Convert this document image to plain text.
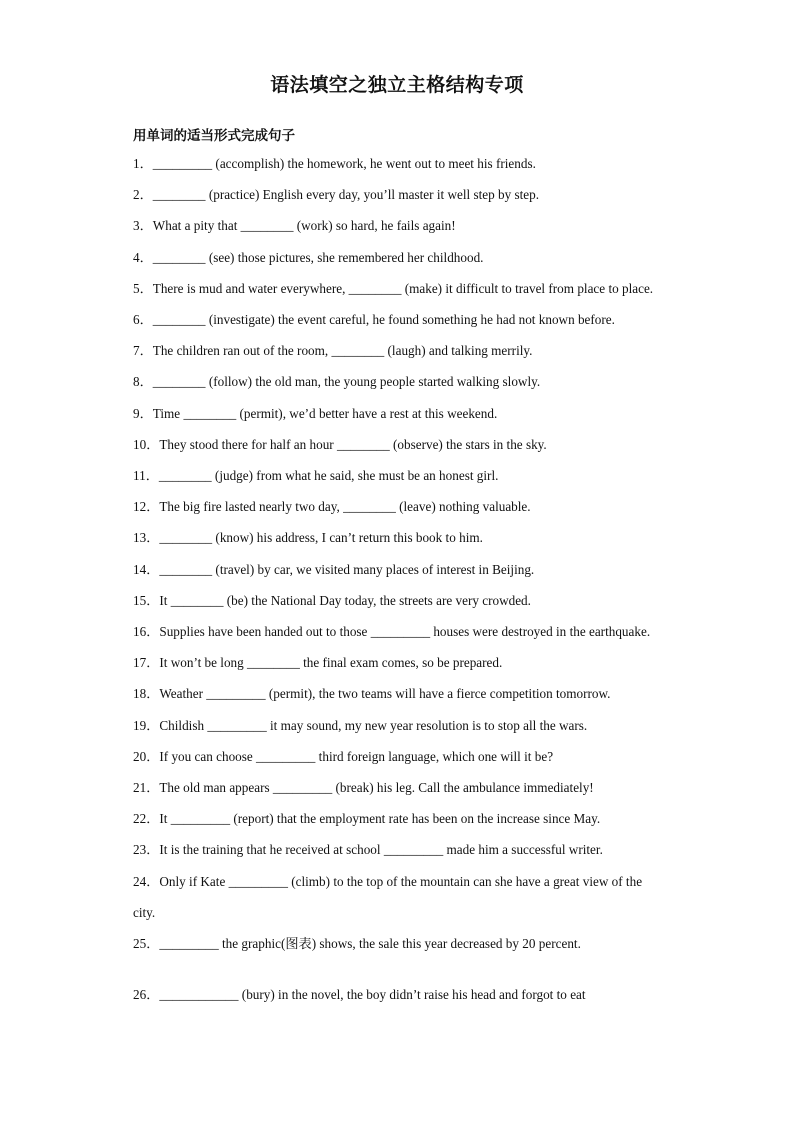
语法填空之独立主格结构专项
用单词的适当形式完成句子

1．_________ (accomplish) the homework, he went out to meet his friends.

2．________ (practice) English every day, you’ll master it well step by step.

3．What a pity that ________ (work) so hard, he fails again!

4．________ (see) those pictures, she remembered her childhood.

5．There is mud and water everywhere, ________ (make) it difficult to travel from place to place.

6．________ (investigate) the event careful, he found something he had not known before.

7．The children ran out of the room, ________ (laugh) and talking merrily.

8．________ (follow) the old man, the young people started walking slowly.

9．Time ________ (permit), we’d better have a rest at this weekend.

10．They stood there for half an hour ________ (observe) the stars in the sky.

11．________ (judge) from what he said, she must be an honest girl.

12．The big fire lasted nearly two day, ________ (leave) nothing valuable.

13．________ (know) his address, I can’t return this book to him.

14．________ (travel) by car, we visited many places of interest in Beijing.

15．It ________ (be) the National Day today, the streets are very crowded.

16．Supplies have been handed out to those _________ houses were destroyed in the earthquake.

17．It won’t be long ________ the final exam comes, so be prepared.

18．Weather _________ (permit), the two teams will have a fierce competition tomorrow.

19．Childish _________ it may sound, my new year resolution is to stop all the wars.

20．If you can choose _________ third foreign language, which one will it be?

21．The old man appears _________ (break) his leg. Call the ambulance immediately!

22．It _________ (report) that the employment rate has been on the increase since May.

23．It is the training that he received at school _________ made him a successful writer.

24．Only if Kate _________ (climb) to the top of the mountain can she have a great view of the city.

25．_________ the graphic(图表) shows, the sale this year decreased by 20 percent.

26．____________ (bury) in the novel, the boy didn’t raise his head and forgot to eat
